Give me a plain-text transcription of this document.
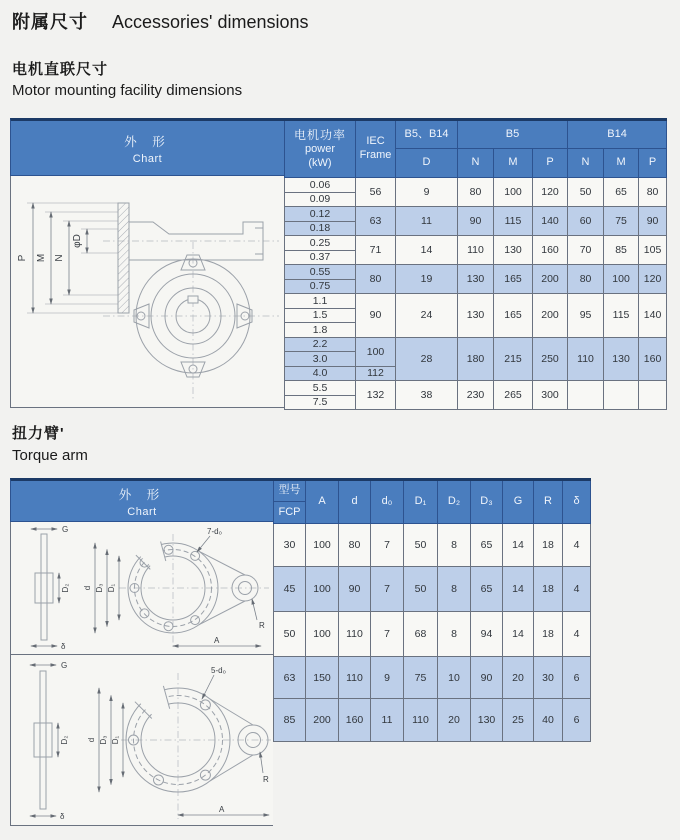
附属尺寸 Accessories' dimensions
电机直联尺寸
Motor mounting facility dimensions
外 形
Chart
P M N
φD
电机功率
power
(kW)

IEC
Frame

B5、B14	B5	B14

		D	N	M	P	N	M	P

0.06	56	9	80	100	120	50	65	80
0.09								
0.12	63	11	90	115	140	60	75	90
0.18								
0.25	71	14	110	130	160	70	85	105
0.37								
0.55	80	19	130	165	200	80	100	120
0.75								
1.1	90	24	130	165	200	95	115	140
1.5								
1.8								
2.2	100	28	180	215	250	110	130	160
3.0								
4.0	112							
5.5	132	38	230	265	300			
7.5								
扭力臂'
Torque arm
外 形
Chart
G
D₂
δ
d D₃ D₁
A
R
7-d₀
G
D₂
δ
d D₃ D₁
A
R
5-d₀
型号	A	d	d₀	D₁	D₂	D₃	G	R	δ
FCP									
30	100	80	7	50	8	65	14	18	4
45	100	90	7	50	8	65	14	18	4
50	100	110	7	68	8	94	14	18	4
63	150	110	9	75	10	90	20	30	6
85	200	160	11	110	20	130	25	40	6
